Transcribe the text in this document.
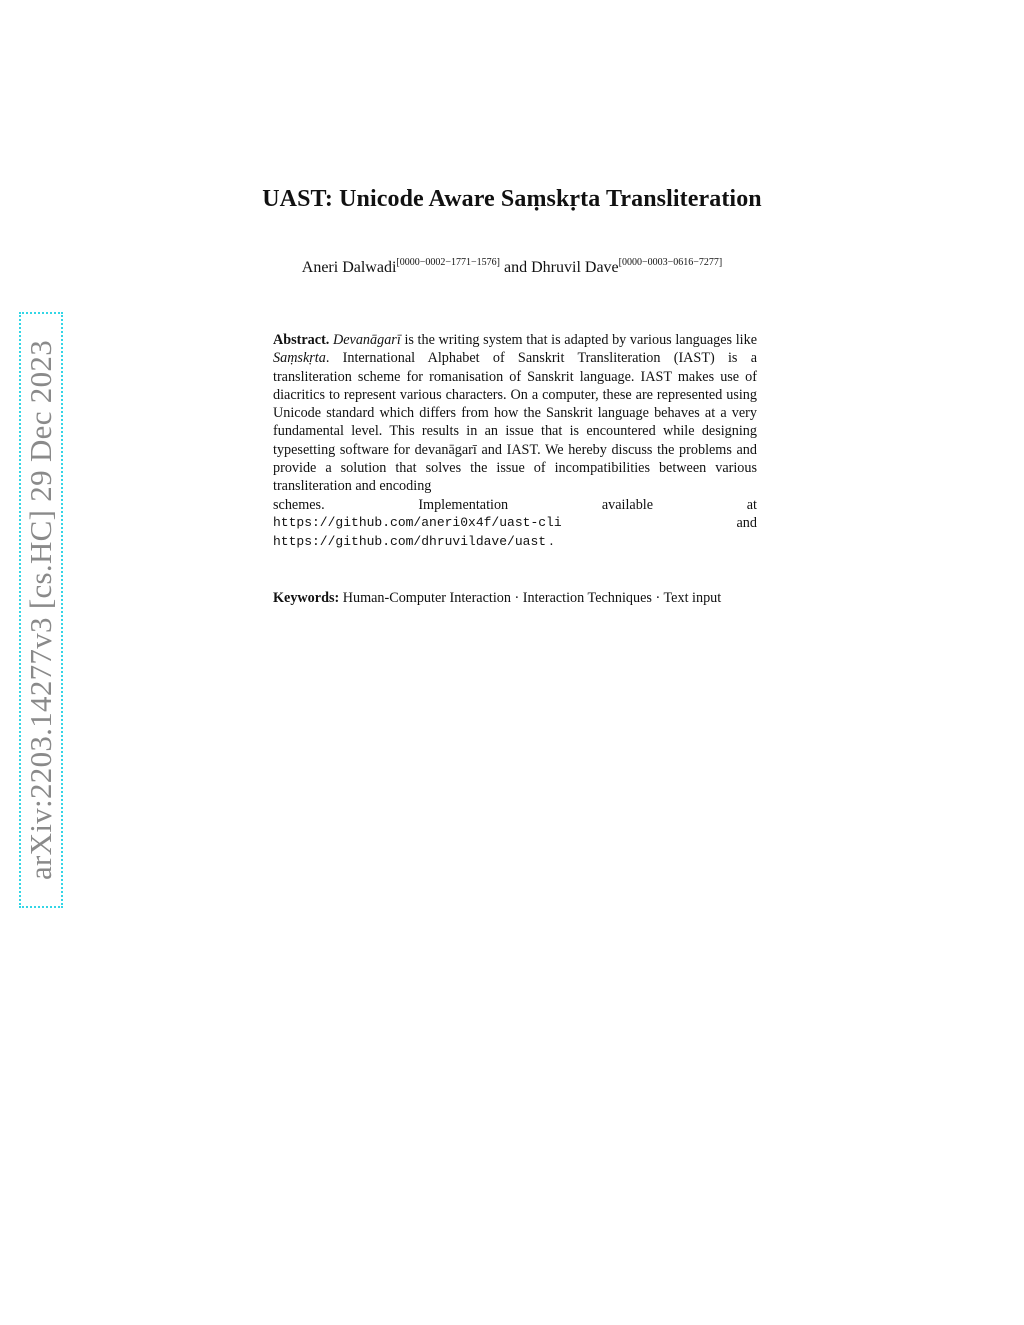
UAST: Unicode Aware Saṃskṛta Transliteration
Aneri Dalwadi[0000−0002−1771−1576] and Dhruvil Dave[0000−0003−0616−7277]
Abstract. Devanāgarī is the writing system that is adapted by various languages like Saṃskṛta. International Alphabet of Sanskrit Transliteration (IAST) is a transliteration scheme for romanisation of Sanskrit language. IAST makes use of diacritics to represent various characters. On a computer, these are represented using Unicode standard which differs from how the Sanskrit language behaves at a very fundamental level. This results in an issue that is encountered while designing typesetting software for devanāgarī and IAST. We hereby discuss the problems and provide a solution that solves the issue of incompatibilities between various transliteration and encoding
schemes.	Implementation	available	at
https://github.com/aneri0x4f/uast-cli	and
https://github.com/dhruvildave/uast .
Keywords: Human-Computer Interaction · Interaction Techniques · Text input
arXiv:2203.14277v3 [cs.HC] 29 Dec 2023
